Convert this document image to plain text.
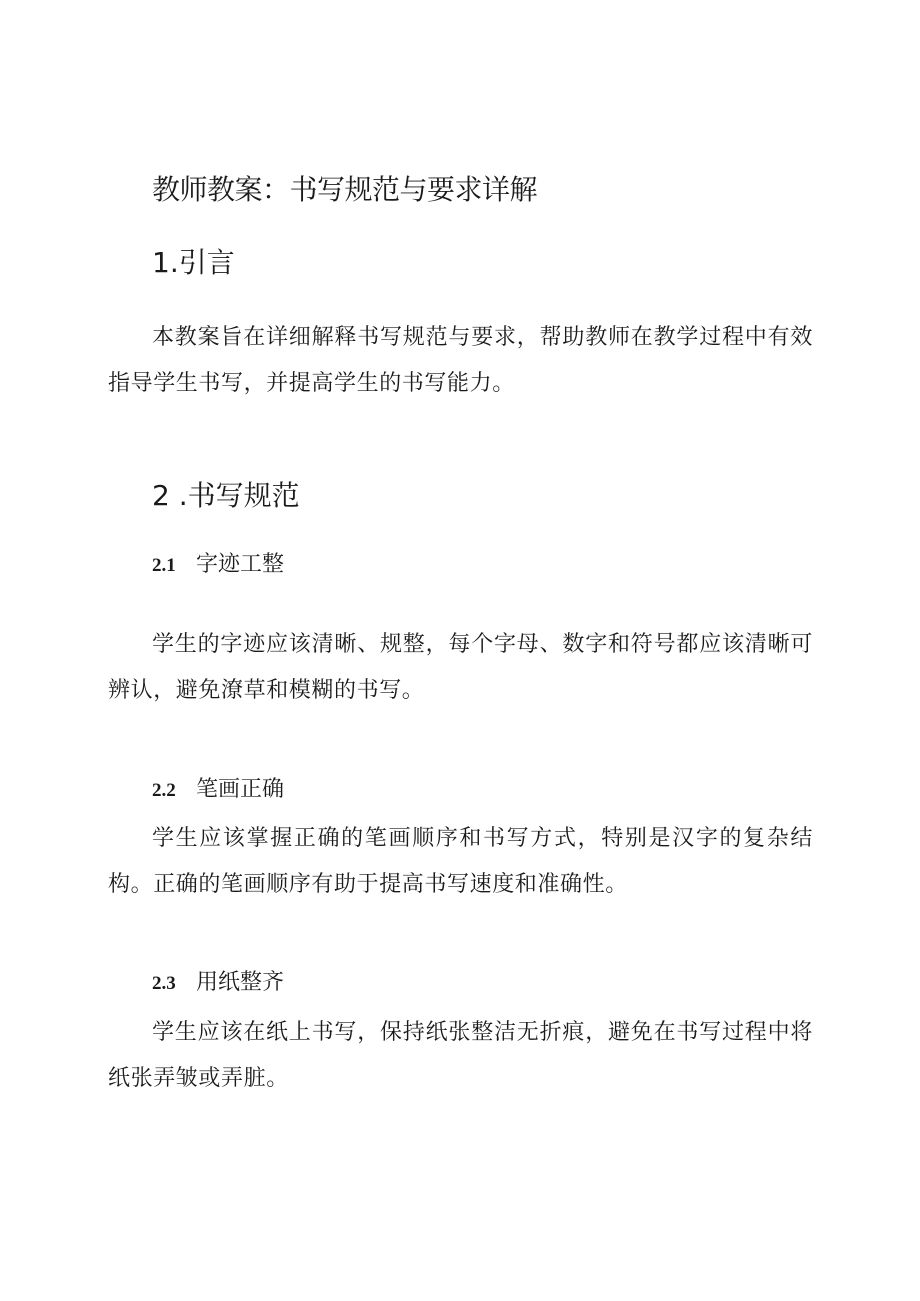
教师教案：书写规范与要求详解
1.引言
本教案旨在详细解释书写规范与要求，帮助教师在教学过程中有效指导学生书写，并提高学生的书写能力。
2 .书写规范
2.1 字迹工整
学生的字迹应该清晰、规整，每个字母、数字和符号都应该清晰可辨认，避免潦草和模糊的书写。
2.2 笔画正确
学生应该掌握正确的笔画顺序和书写方式，特别是汉字的复杂结构。正确的笔画顺序有助于提高书写速度和准确性。
2.3 用纸整齐
学生应该在纸上书写，保持纸张整洁无折痕，避免在书写过程中将纸张弄皱或弄脏。
